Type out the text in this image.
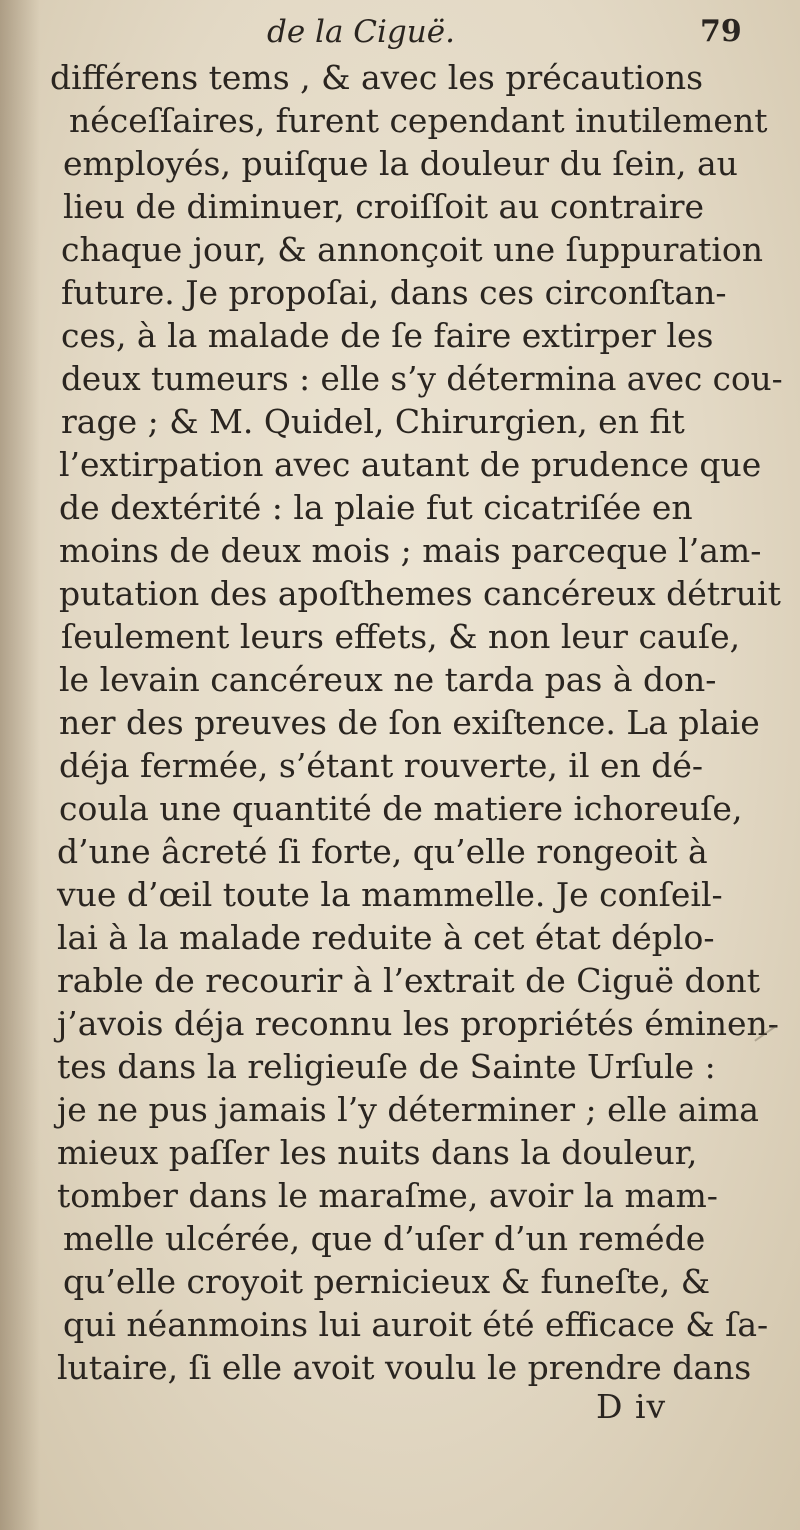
de la Ciguë.	79
différens tems , & avec les précautions
néceſſaires, furent cependant inutilement
employés, puiſque la douleur du ſein, au
lieu de diminuer, croiſſoit au contraire
chaque jour, & annonçoit une ſuppuration
future. Je propoſai, dans ces circonſtan-
ces, à la malade de ſe faire extirper les
deux tumeurs : elle s’y détermina avec cou-
rage ; & M. Quidel, Chirurgien, en fit
l’extirpation avec autant de prudence que
de dextérité : la plaie fut cicatriſée en
moins de deux mois ; mais parceque l’am-
putation des apoſthemes cancéreux détruit
ſeulement leurs effets, & non leur cauſe,
le levain cancéreux ne tarda pas à don-
ner des preuves de ſon exiſtence. La plaie
déja fermée, s’étant rouverte, il en dé-
coula une quantité de matiere ichoreuſe,
d’une âcreté ſi forte, qu’elle rongeoit à
vue d’œil toute la mammelle. Je conſeil-
lai à la malade reduite à cet état déplo-
rable de recourir à l’extrait de Ciguë dont
j’avois déja reconnu les propriétés éminen-
tes dans la religieuſe de Sainte Urſule :
je ne pus jamais l’y déterminer ; elle aima
mieux paſſer les nuits dans la douleur,
tomber dans le maraſme, avoir la mam-
melle ulcérée, que d’uſer d’un reméde
qu’elle croyoit pernicieux & funeſte, &
qui néanmoins lui auroit été efficace & ſa-
lutaire, ſi elle avoit voulu le prendre dans
D iv
